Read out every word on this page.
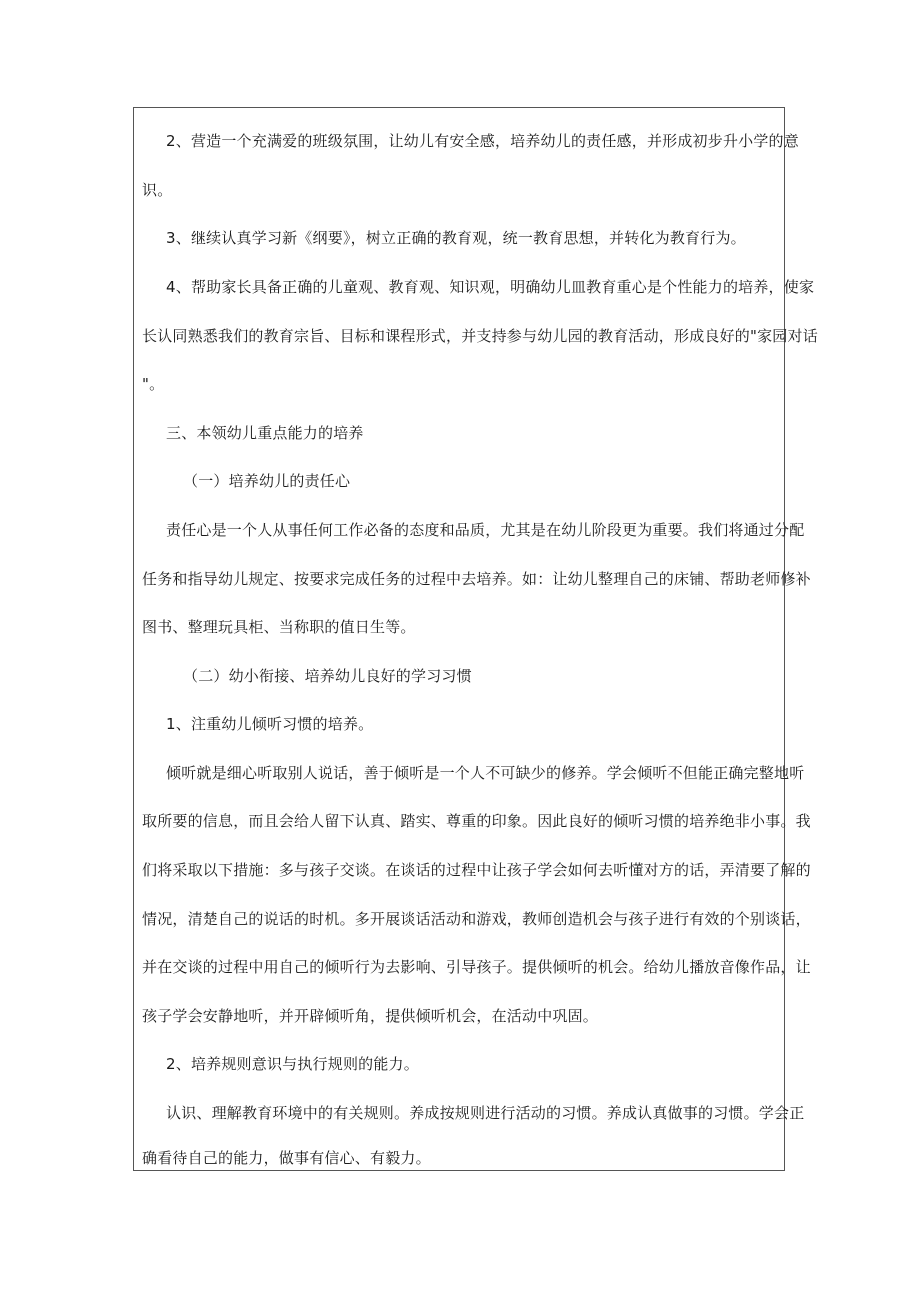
2、营造一个充满爱的班级氛围，让幼儿有安全感，培养幼儿的责任感，并形成初步升小学的意
识。
3、继续认真学习新《纲要》，树立正确的教育观，统一教育思想，并转化为教育行为。
4、帮助家长具备正确的儿童观、教育观、知识观，明确幼儿皿教育重心是个性能力的培养，使家
长认同熟悉我们的教育宗旨、目标和课程形式，并支持参与幼儿园的教育活动，形成良好的"家园对话
"。
三、本领幼儿重点能力的培养
（一）培养幼儿的责任心
责任心是一个人从事任何工作必备的态度和品质，尤其是在幼儿阶段更为重要。我们将通过分配
任务和指导幼儿规定、按要求完成任务的过程中去培养。如：让幼儿整理自己的床铺、帮助老师修补
图书、整理玩具柜、当称职的值日生等。
（二）幼小衔接、培养幼儿良好的学习习惯
1、注重幼儿倾听习惯的培养。
倾听就是细心听取别人说话，善于倾听是一个人不可缺少的修养。学会倾听不但能正确完整地听
取所要的信息，而且会给人留下认真、踏实、尊重的印象。因此良好的倾听习惯的培养绝非小事。我
们将采取以下措施：多与孩子交谈。在谈话的过程中让孩子学会如何去听懂对方的话，弄清要了解的
情况，清楚自己的说话的时机。多开展谈话活动和游戏，教师创造机会与孩子进行有效的个别谈话，
并在交谈的过程中用自己的倾听行为去影响、引导孩子。提供倾听的机会。给幼儿播放音像作品，让
孩子学会安静地听，并开辟倾听角，提供倾听机会，在活动中巩固。
2、培养规则意识与执行规则的能力。
认识、理解教育环境中的有关规则。养成按规则进行活动的习惯。养成认真做事的习惯。学会正
确看待自己的能力，做事有信心、有毅力。
